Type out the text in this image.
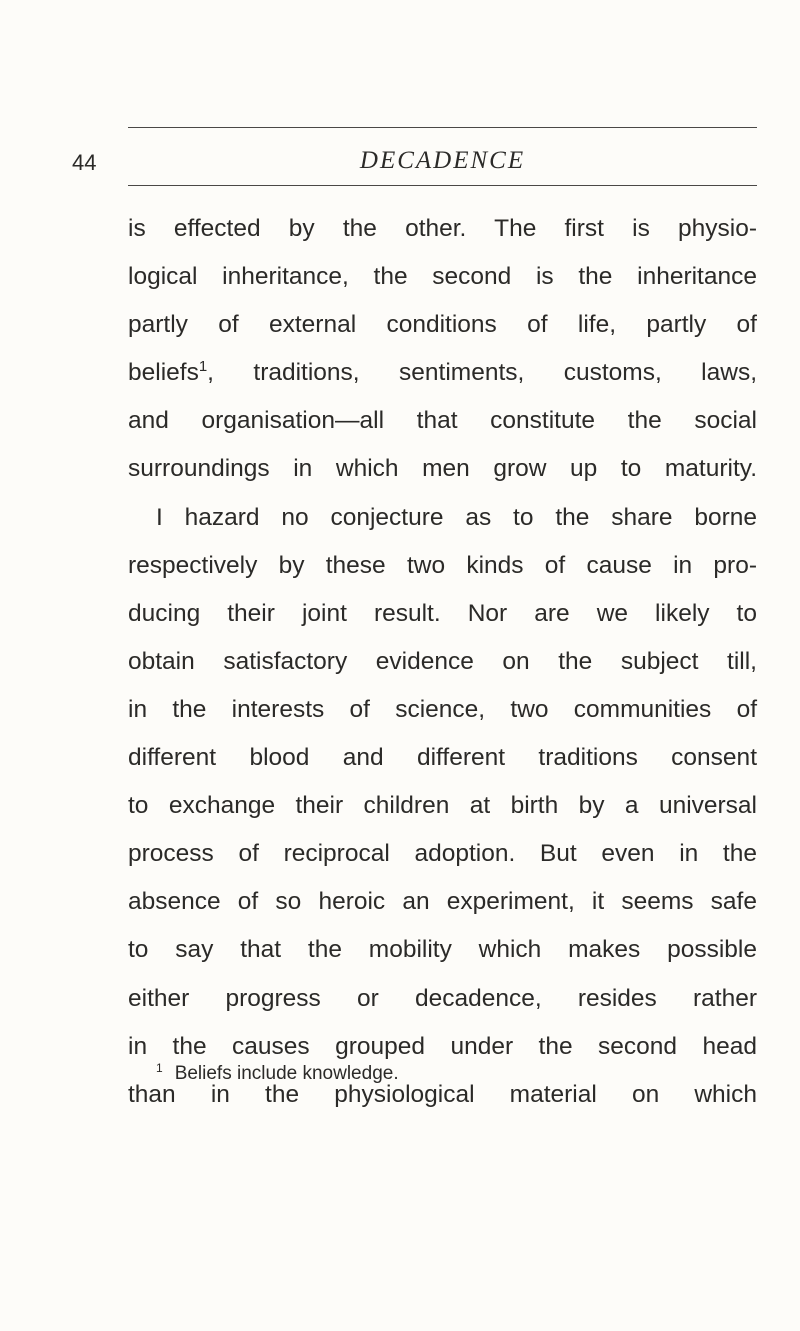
44	DECADENCE
is effected by the other. The first is physio-
logical inheritance, the second is the inheritance
partly of external conditions of life, partly of
beliefs$^1$, traditions, sentiments, customs, laws,
and organisation—all that constitute the social
surroundings in which men grow up to maturity.
I hazard no conjecture as to the share borne
respectively by these two kinds of cause in pro-
ducing their joint result. Nor are we likely to
obtain satisfactory evidence on the subject till,
in the interests of science, two communities of
different blood and different traditions consent
to exchange their children at birth by a universal
process of reciprocal adoption. But even in the
absence of so heroic an experiment, it seems safe
to say that the mobility which makes possible
either progress or decadence, resides rather
in the causes grouped under the second head
than in the physiological material on which
$^1$ Beliefs include knowledge.
